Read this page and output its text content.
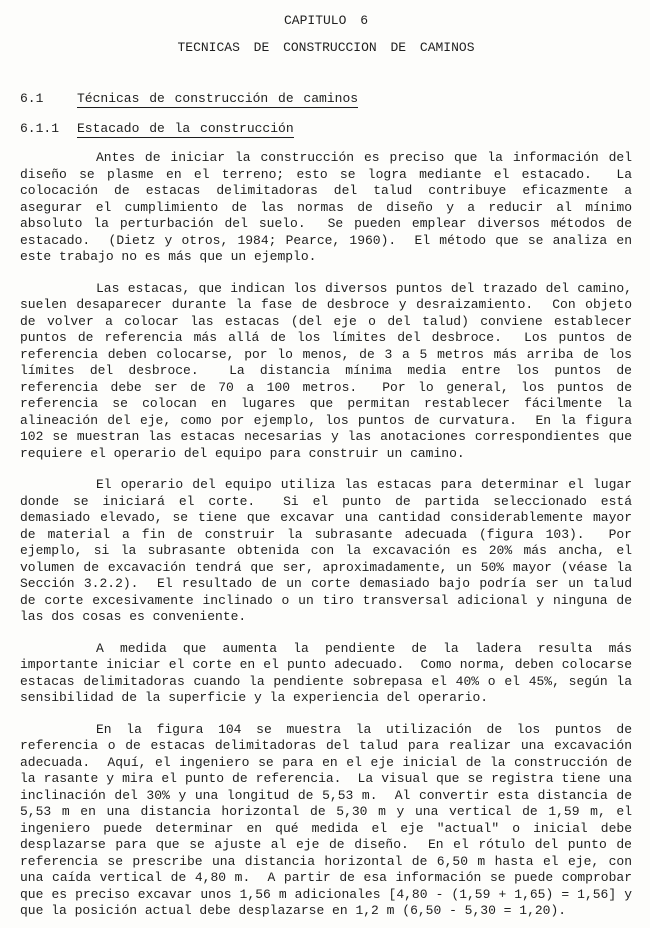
CAPITULO 6
TECNICAS DE CONSTRUCCION DE CAMINOS
6.1	Técnicas de construcción de caminos
6.1.1 Estacado de la construcción

Antes de iniciar la construcción es preciso que la información del diseño se plasme en el terreno; esto se logra mediante el estacado.  La colocación de estacas delimitadoras del talud contribuye eficazmente a asegurar el cumplimiento de las normas de diseño y a reducir al mínimo absoluto la perturbación del suelo.  Se pueden emplear diversos métodos de estacado.  (Dietz y otros, 1984; Pearce, 1960).  El método que se analiza en este trabajo no es más que un ejemplo.

Las estacas, que indican los diversos puntos del trazado del camino, suelen desaparecer durante la fase de desbroce y desraizamiento.  Con objeto de volver a colocar las estacas (del eje o del talud) conviene establecer puntos de referencia más allá de los límites del desbroce.  Los puntos de referencia deben colocarse, por lo menos, de 3 a 5 metros más arriba de los límites del desbroce.  La distancia mínima media entre los puntos de referencia debe ser de 70 a 100 metros.  Por lo general, los puntos de referencia se colocan en lugares que permitan restablecer fácilmente la alineación del eje, como por ejemplo, los puntos de curvatura.  En la figura 102 se muestran las estacas necesarias y las anotaciones correspondientes que requiere el operario del equipo para construir un camino.

El operario del equipo utiliza las estacas para determinar el lugar donde se iniciará el corte.  Si el punto de partida seleccionado está demasiado elevado, se tiene que excavar una cantidad considerablemente mayor de material a fin de construir la subrasante adecuada (figura 103).  Por ejemplo, si la subrasante obtenida con la excavación es 20% más ancha, el volumen de excavación tendrá que ser, aproximadamente, un 50% mayor (véase la Sección 3.2.2).  El resultado de un corte demasiado bajo podría ser un talud de corte excesivamente inclinado o un tiro transversal adicional y ninguna de las dos cosas es conveniente.

A medida que aumenta la pendiente de la ladera resulta más importante iniciar el corte en el punto adecuado.  Como norma, deben colocarse estacas delimitadoras cuando la pendiente sobrepasa el 40% o el 45%, según la sensibilidad de la superficie y la experiencia del operario.

En la figura 104 se muestra la utilización de los puntos de referencia o de estacas delimitadoras del talud para realizar una excavación adecuada.  Aquí, el ingeniero se para en el eje inicial de la construcción de la rasante y mira el punto de referencia.  La visual que se registra tiene una inclinación del 30% y una longitud de 5,53 m.  Al convertir esta distancia de 5,53 m en una distancia horizontal de 5,30 m y una vertical de 1,59 m, el ingeniero puede determinar en qué medida el eje "actual" o inicial debe desplazarse para que se ajuste al eje de diseño.  En el rótulo del punto de referencia se prescribe una distancia horizontal de 6,50 m hasta el eje, con una caída vertical de 4,80 m.  A partir de esa información se puede comprobar que es preciso excavar unos 1,56 m adicionales [4,80 - (1,59 + 1,65) = 1,56] y que la posición actual debe desplazarse en 1,2 m (6,50 - 5,30 = 1,20).
